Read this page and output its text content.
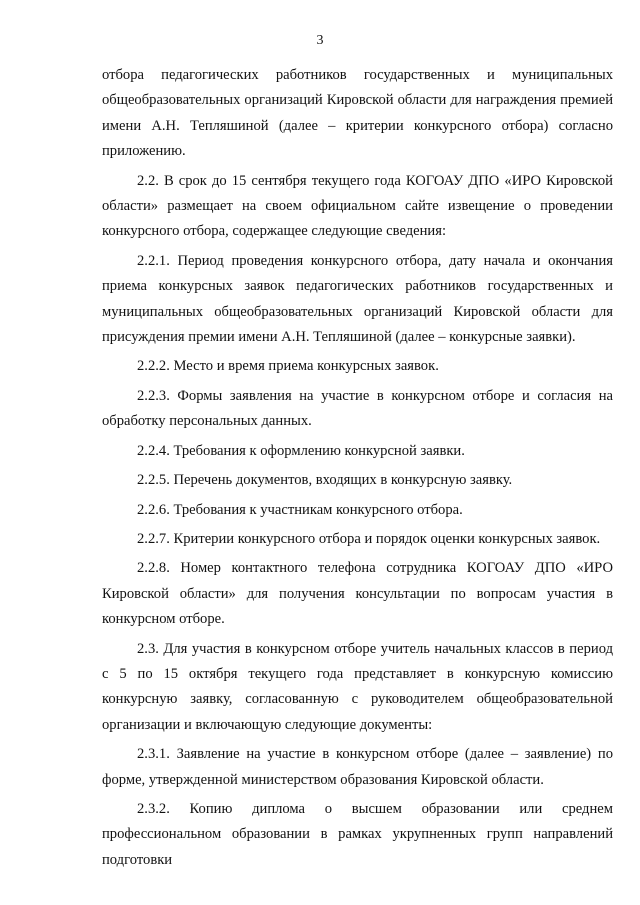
3

отбора педагогических работников государственных и муниципальных общеобразовательных организаций Кировской области для награждения премией имени А.Н. Тепляшиной (далее – критерии конкурсного отбора) согласно приложению.

2.2. В срок до 15 сентября текущего года КОГОАУ ДПО «ИРО Кировской области» размещает на своем официальном сайте извещение о проведении конкурсного отбора, содержащее следующие сведения:

2.2.1. Период проведения конкурсного отбора, дату начала и окончания приема конкурсных заявок педагогических работников государственных и муниципальных общеобразовательных организаций Кировской области для присуждения премии имени А.Н. Тепляшиной (далее – конкурсные заявки).

2.2.2. Место и время приема конкурсных заявок.

2.2.3. Формы заявления на участие в конкурсном отборе и согласия на обработку персональных данных.

2.2.4. Требования к оформлению конкурсной заявки.

2.2.5. Перечень документов, входящих в конкурсную заявку.

2.2.6. Требования к участникам конкурсного отбора.

2.2.7. Критерии конкурсного отбора и порядок оценки конкурсных заявок.

2.2.8. Номер контактного телефона сотрудника КОГОАУ ДПО «ИРО Кировской области» для получения консультации по вопросам участия в конкурсном отборе.

2.3. Для участия в конкурсном отборе учитель начальных классов в период с 5 по 15 октября текущего года представляет в конкурсную комиссию конкурсную заявку, согласованную с руководителем общеобразовательной организации и включающую следующие документы:

2.3.1. Заявление на участие в конкурсном отборе (далее – заявление) по форме, утвержденной министерством образования Кировской области.

2.3.2. Копию диплома о высшем образовании или среднем профессиональном образовании в рамках укрупненных групп направлений подготовки
